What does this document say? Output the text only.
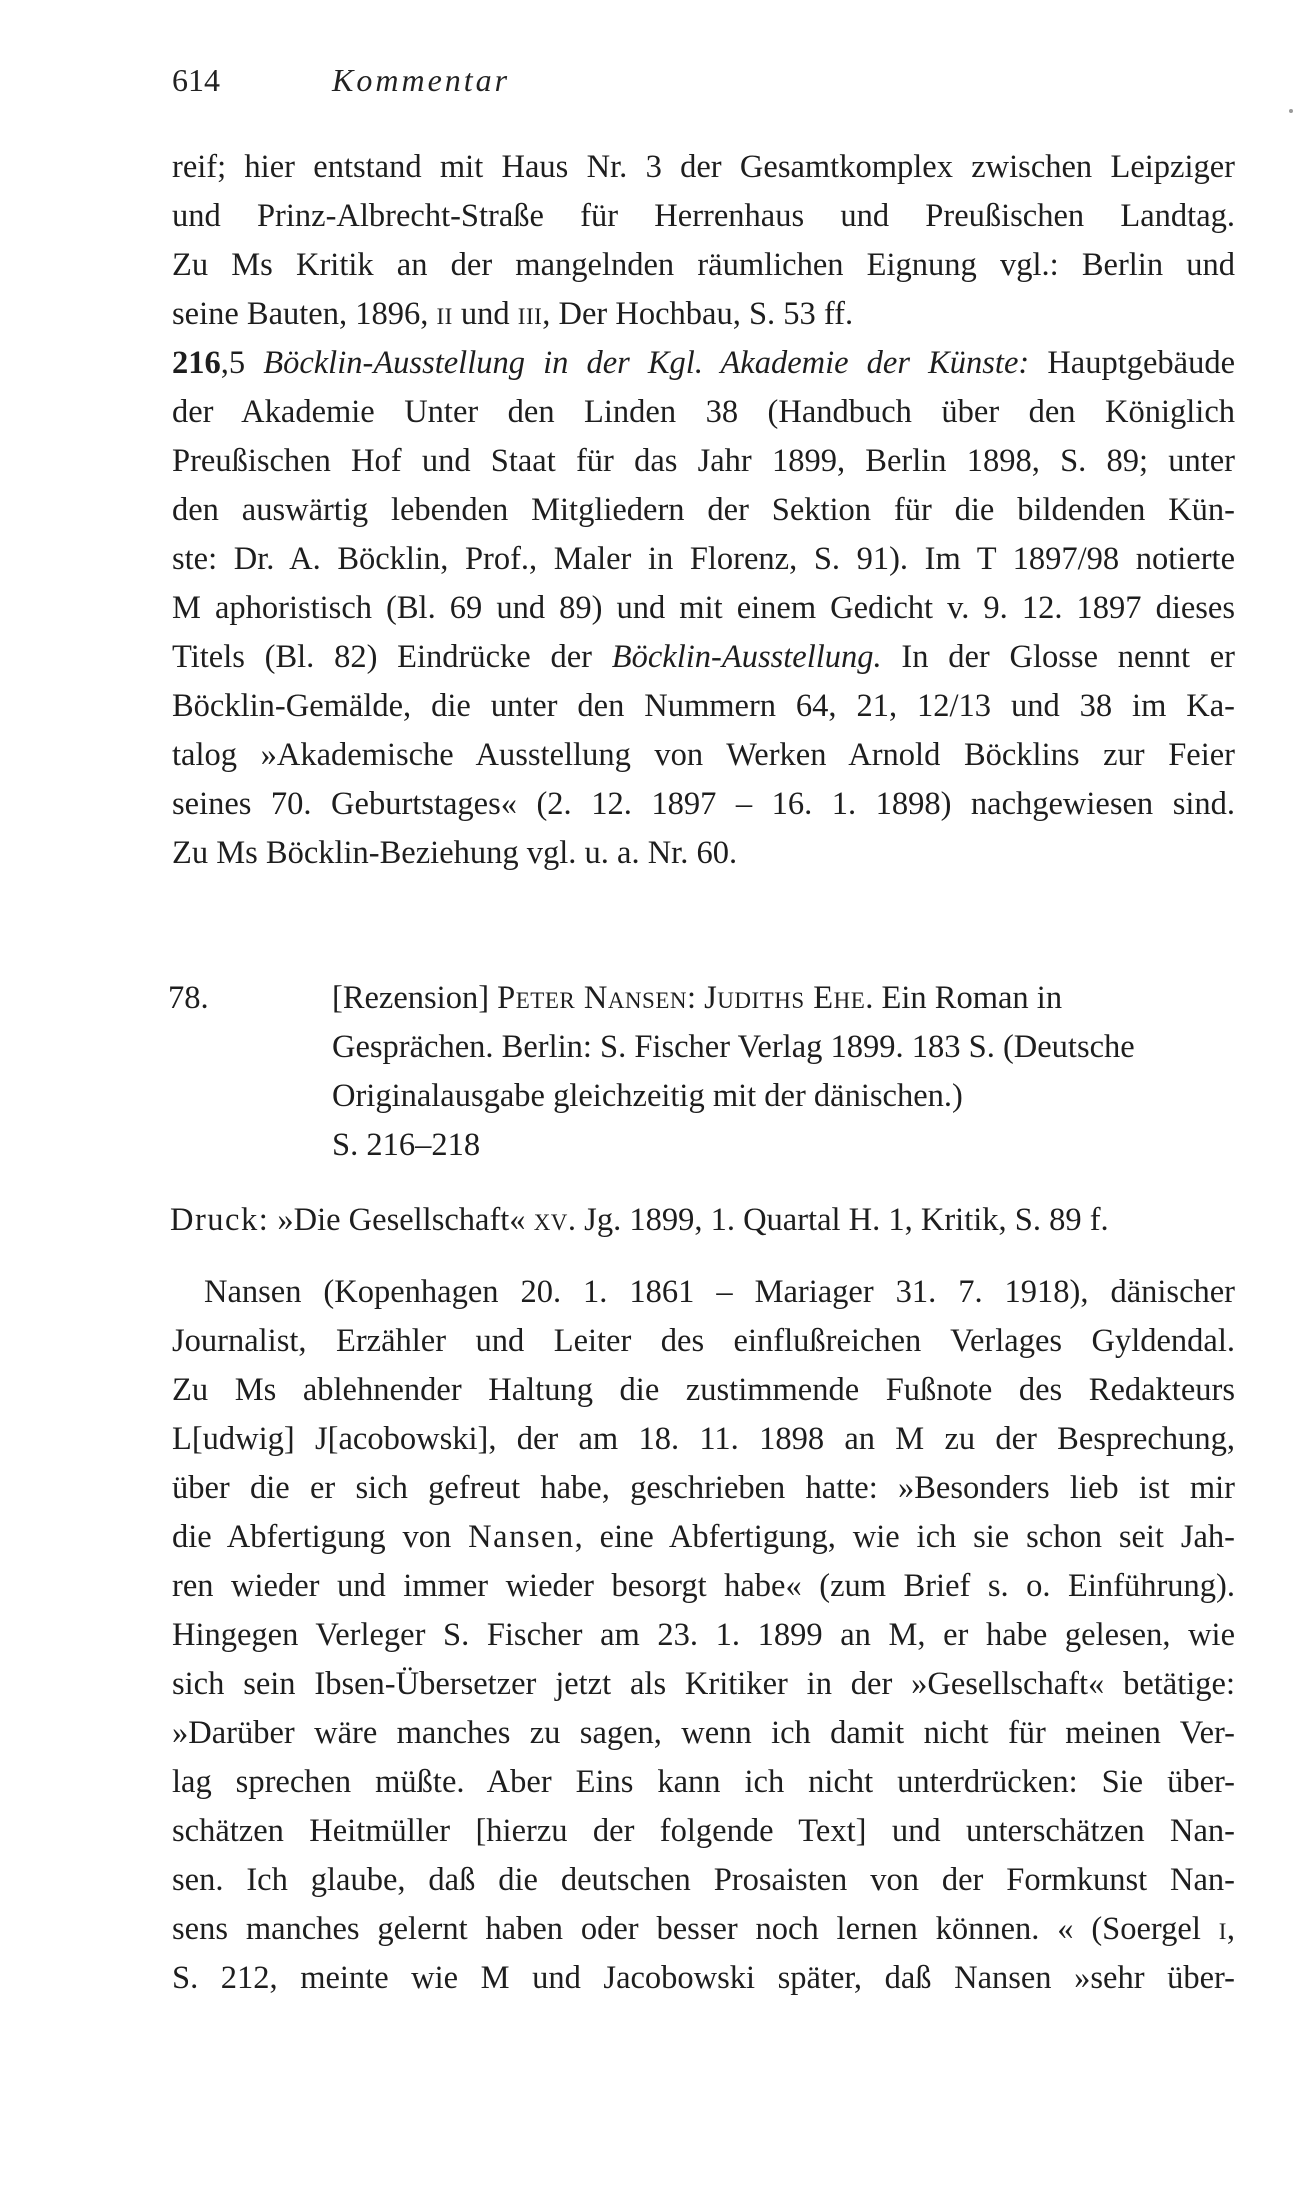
614	Kommentar
reif; hier entstand mit Haus Nr. 3 der Gesamtkomplex zwischen Leipziger
und Prinz-Albrecht-Straße für Herrenhaus und Preußischen Landtag.
Zu Ms Kritik an der mangelnden räumlichen Eignung vgl.: Berlin und
seine Bauten, 1896, ii und iii, Der Hochbau, S. 53 ff.
216,5 Böcklin-Ausstellung in der Kgl. Akademie der Künste: Hauptgebäude
der Akademie Unter den Linden 38 (Handbuch über den Königlich
Preußischen Hof und Staat für das Jahr 1899, Berlin 1898, S. 89; unter
den auswärtig lebenden Mitgliedern der Sektion für die bildenden Kün-
ste: Dr. A. Böcklin, Prof., Maler in Florenz, S. 91). Im T 1897/98 notierte
M aphoristisch (Bl. 69 und 89) und mit einem Gedicht v. 9. 12. 1897 dieses
Titels (Bl. 82) Eindrücke der Böcklin-Ausstellung. In der Glosse nennt er
Böcklin-Gemälde, die unter den Nummern 64, 21, 12/13 und 38 im Ka-
talog »Akademische Ausstellung von Werken Arnold Böcklins zur Feier
seines 70. Geburtstages« (2. 12. 1897 – 16. 1. 1898) nachgewiesen sind.
Zu Ms Böcklin-Beziehung vgl. u. a. Nr. 60.
78.	[Rezension] Peter Nansen: Judiths Ehe. Ein Roman in
Gesprächen. Berlin: S. Fischer Verlag 1899. 183 S. (Deutsche
Originalausgabe gleichzeitig mit der dänischen.)
S. 216–218
Druck: »Die Gesellschaft« xv. Jg. 1899, 1. Quartal H. 1, Kritik, S. 89 f.
Nansen (Kopenhagen 20. 1. 1861 – Mariager 31. 7. 1918), dänischer
Journalist, Erzähler und Leiter des einflußreichen Verlages Gyldendal.
Zu Ms ablehnender Haltung die zustimmende Fußnote des Redakteurs
L[udwig] J[acobowski], der am 18. 11. 1898 an M zu der Besprechung,
über die er sich gefreut habe, geschrieben hatte: »Besonders lieb ist mir
die Abfertigung von Nansen, eine Abfertigung, wie ich sie schon seit Jah-
ren wieder und immer wieder besorgt habe« (zum Brief s. o. Einführung).
Hingegen Verleger S. Fischer am 23. 1. 1899 an M, er habe gelesen, wie
sich sein Ibsen-Übersetzer jetzt als Kritiker in der »Gesellschaft« betätige:
»Darüber wäre manches zu sagen, wenn ich damit nicht für meinen Ver-
lag sprechen müßte. Aber Eins kann ich nicht unterdrücken: Sie über-
schätzen Heitmüller [hierzu der folgende Text] und unterschätzen Nan-
sen. Ich glaube, daß die deutschen Prosaisten von der Formkunst Nan-
sens manches gelernt haben oder besser noch lernen können. « (Soergel i,
S. 212, meinte wie M und Jacobowski später, daß Nansen »sehr über-
